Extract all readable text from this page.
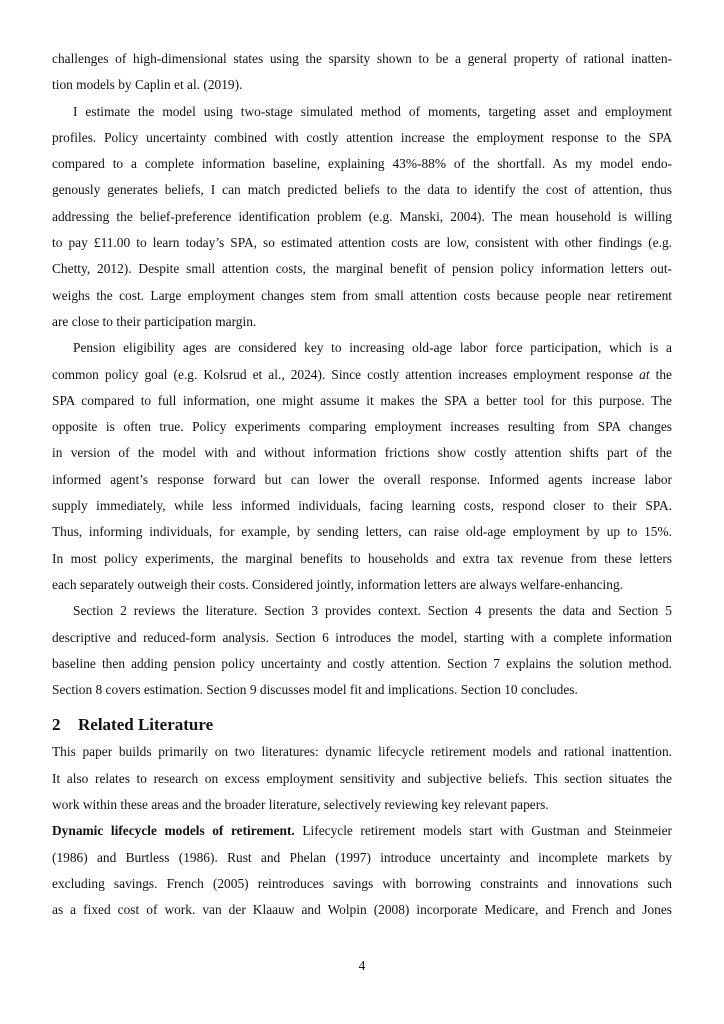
challenges of high-dimensional states using the sparsity shown to be a general property of rational inatten-
tion models by Caplin et al. (2019).
I estimate the model using two-stage simulated method of moments, targeting asset and employment
profiles. Policy uncertainty combined with costly attention increase the employment response to the SPA
compared to a complete information baseline, explaining 43%-88% of the shortfall. As my model endo-
genously generates beliefs, I can match predicted beliefs to the data to identify the cost of attention, thus
addressing the belief-preference identification problem (e.g. Manski, 2004). The mean household is willing
to pay £11.00 to learn today’s SPA, so estimated attention costs are low, consistent with other findings (e.g.
Chetty, 2012). Despite small attention costs, the marginal benefit of pension policy information letters out-
weighs the cost. Large employment changes stem from small attention costs because people near retirement
are close to their participation margin.
Pension eligibility ages are considered key to increasing old-age labor force participation, which is a
common policy goal (e.g. Kolsrud et al., 2024). Since costly attention increases employment response at the
SPA compared to full information, one might assume it makes the SPA a better tool for this purpose. The
opposite is often true. Policy experiments comparing employment increases resulting from SPA changes
in version of the model with and without information frictions show costly attention shifts part of the
informed agent’s response forward but can lower the overall response. Informed agents increase labor
supply immediately, while less informed individuals, facing learning costs, respond closer to their SPA.
Thus, informing individuals, for example, by sending letters, can raise old-age employment by up to 15%.
In most policy experiments, the marginal benefits to households and extra tax revenue from these letters
each separately outweigh their costs. Considered jointly, information letters are always welfare-enhancing.
Section 2 reviews the literature. Section 3 provides context. Section 4 presents the data and Section 5
descriptive and reduced-form analysis. Section 6 introduces the model, starting with a complete information
baseline then adding pension policy uncertainty and costly attention. Section 7 explains the solution method.
Section 8 covers estimation. Section 9 discusses model fit and implications. Section 10 concludes.
2 Related Literature
This paper builds primarily on two literatures: dynamic lifecycle retirement models and rational inattention.
It also relates to research on excess employment sensitivity and subjective beliefs. This section situates the
work within these areas and the broader literature, selectively reviewing key relevant papers.
Dynamic lifecycle models of retirement. Lifecycle retirement models start with Gustman and Steinmeier
(1986) and Burtless (1986). Rust and Phelan (1997) introduce uncertainty and incomplete markets by
excluding savings. French (2005) reintroduces savings with borrowing constraints and innovations such
as a fixed cost of work. van der Klaauw and Wolpin (2008) incorporate Medicare, and French and Jones
4
